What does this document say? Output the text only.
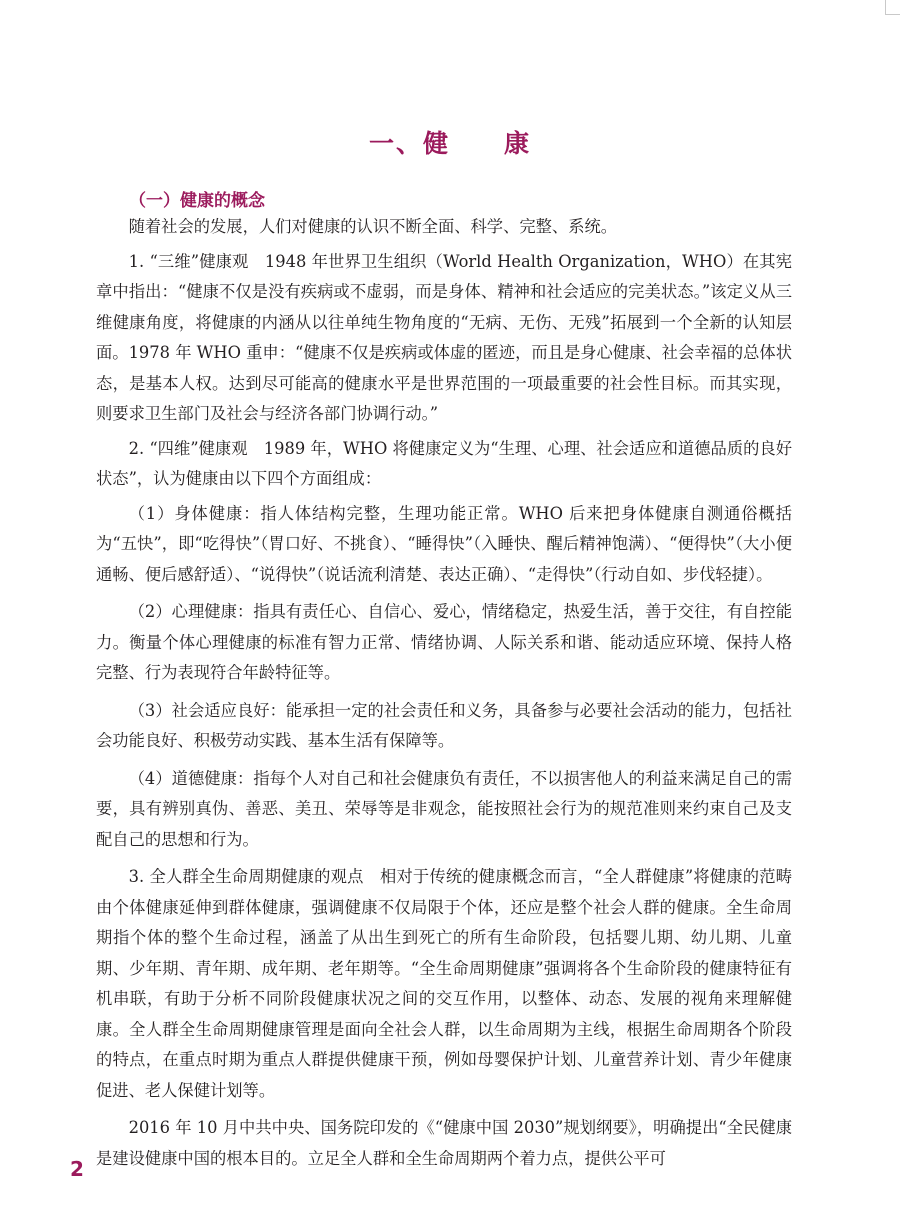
一、健　　康
（一）健康的概念

随着社会的发展，人们对健康的认识不断全面、科学、完整、系统。

1. “三维”健康观　1948 年世界卫生组织（World Health Organization，WHO）在其宪章中指出：“健康不仅是没有疾病或不虚弱，而是身体、精神和社会适应的完美状态。”该定义从三维健康角度，将健康的内涵从以往单纯生物角度的“无病、无伤、无残”拓展到一个全新的认知层面。1978 年 WHO 重申：“健康不仅是疾病或体虚的匿迹，而且是身心健康、社会幸福的总体状态，是基本人权。达到尽可能高的健康水平是世界范围的一项最重要的社会性目标。而其实现，则要求卫生部门及社会与经济各部门协调行动。”

2. “四维”健康观　1989 年，WHO 将健康定义为“生理、心理、社会适应和道德品质的良好状态”，认为健康由以下四个方面组成：

（1）身体健康：指人体结构完整，生理功能正常。WHO 后来把身体健康自测通俗概括为“五快”，即“吃得快”（胃口好、不挑食）、“睡得快”（入睡快、醒后精神饱满）、“便得快”（大小便通畅、便后感舒适）、“说得快”（说话流利清楚、表达正确）、“走得快”（行动自如、步伐轻捷）。

（2）心理健康：指具有责任心、自信心、爱心，情绪稳定，热爱生活，善于交往，有自控能力。衡量个体心理健康的标准有智力正常、情绪协调、人际关系和谐、能动适应环境、保持人格完整、行为表现符合年龄特征等。

（3）社会适应良好：能承担一定的社会责任和义务，具备参与必要社会活动的能力，包括社会功能良好、积极劳动实践、基本生活有保障等。

（4）道德健康：指每个人对自己和社会健康负有责任，不以损害他人的利益来满足自己的需要，具有辨别真伪、善恶、美丑、荣辱等是非观念，能按照社会行为的规范准则来约束自己及支配自己的思想和行为。

3. 全人群全生命周期健康的观点　相对于传统的健康概念而言，“全人群健康”将健康的范畴由个体健康延伸到群体健康，强调健康不仅局限于个体，还应是整个社会人群的健康。全生命周期指个体的整个生命过程，涵盖了从出生到死亡的所有生命阶段，包括婴儿期、幼儿期、儿童期、少年期、青年期、成年期、老年期等。“全生命周期健康”强调将各个生命阶段的健康特征有机串联，有助于分析不同阶段健康状况之间的交互作用，以整体、动态、发展的视角来理解健康。全人群全生命周期健康管理是面向全社会人群，以生命周期为主线，根据生命周期各个阶段的特点，在重点时期为重点人群提供健康干预，例如母婴保护计划、儿童营养计划、青少年健康促进、老人保健计划等。

2016 年 10 月中共中央、国务院印发的《“健康中国 2030”规划纲要》，明确提出“全民健康是建设健康中国的根本目的。立足全人群和全生命周期两个着力点，提供公平可

2
